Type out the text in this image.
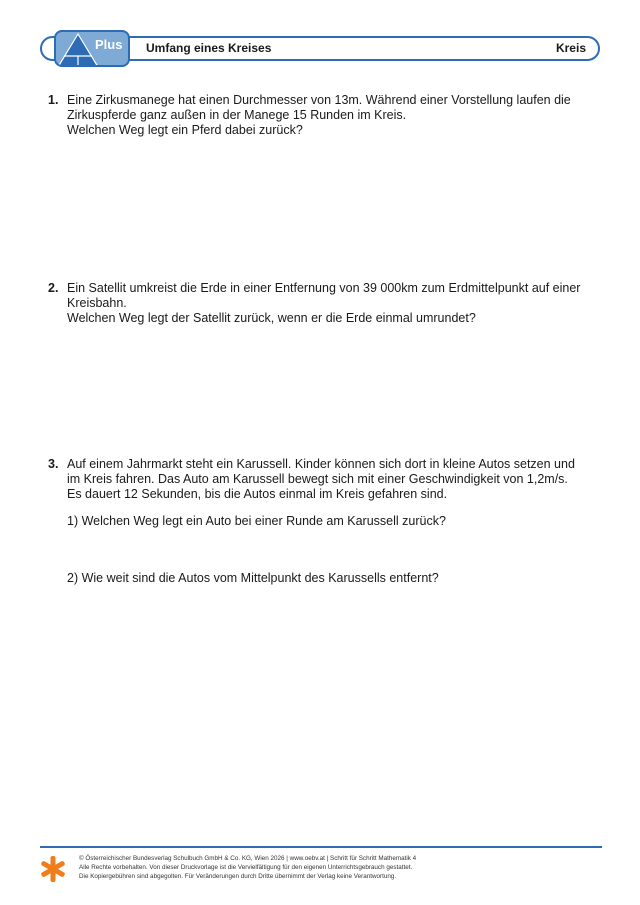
Plus Umfang eines Kreises	Kreis
1. Eine Zirkusmanege hat einen Durchmesser von 13m. Während einer Vorstellung laufen die
Zirkuspferde ganz außen in der Manege 15 Runden im Kreis.
Welchen Weg legt ein Pferd dabei zurück?
2. Ein Satellit umkreist die Erde in einer Entfernung von 39 000km zum Erdmittelpunkt auf einer
Kreisbahn.
Welchen Weg legt der Satellit zurück, wenn er die Erde einmal umrundet?
3. Auf einem Jahrmarkt steht ein Karussell. Kinder können sich dort in kleine Autos setzen und
im Kreis fahren. Das Auto am Karussell bewegt sich mit einer Geschwindigkeit von 1,2m/s.
Es dauert 12 Sekunden, bis die Autos einmal im Kreis gefahren sind.
1) Welchen Weg legt ein Auto bei einer Runde am Karussell zurück?
2) Wie weit sind die Autos vom Mittelpunkt des Karussells entfernt?
© Österreichischer Bundesverlag Schulbuch GmbH & Co. KG, Wien 2026 | www.oebv.at | Schritt für Schritt Mathematik 4
Alle Rechte vorbehalten. Von dieser Druckvorlage ist die Vervielfältigung für den eigenen Unterrichtsgebrauch gestattet.
Die Kopiergebühren sind abgegolten. Für Veränderungen durch Dritte übernimmt der Verlag keine Verantwortung.
